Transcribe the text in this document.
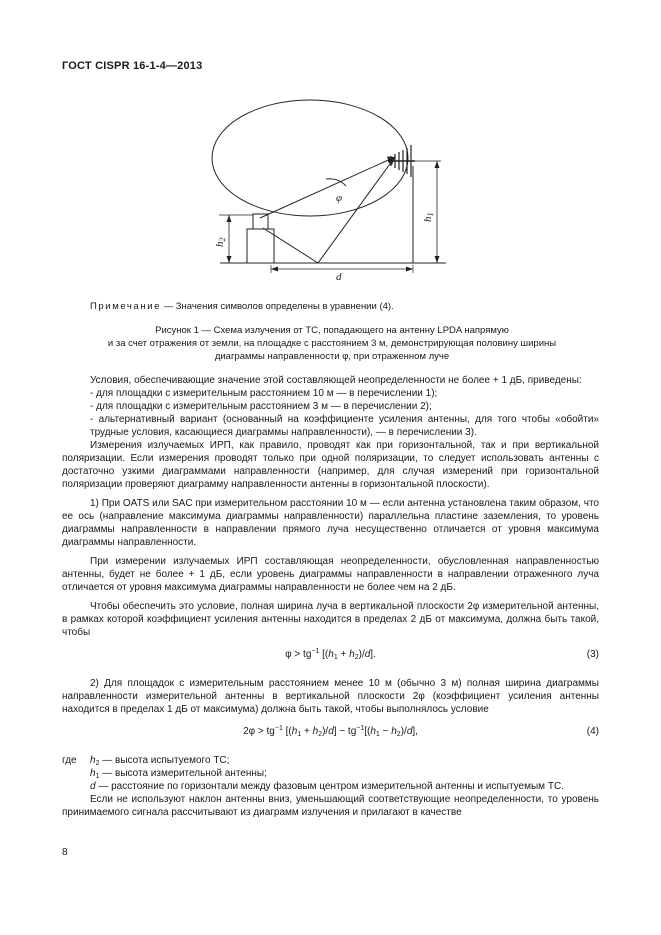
ГОСТ CISPR 16-1-4—2013
φ
h1
h2
d
Примечание — Значения символов определены в уравнении (4).
Рисунок 1 — Схема излучения от ТС, попадающего на антенну LPDA напрямую
и за счет отражения от земли, на площадке с расстоянием 3 м, демонстрирующая половину ширины
диаграммы направленности φ, при отраженном луче

Условия, обеспечивающие значение этой составляющей неопределенности не более + 1 дБ, приведены:

- для площадки с измерительным расстоянием 10 м — в перечислении 1);

- для площадки с измерительным расстоянием 3 м — в перечислении 2);

- альтернативный вариант (основанный на коэффициенте усиления антенны, для того чтобы «обойти» трудные условия, касающиеся диаграммы направленности), — в перечислении 3).

Измерения излучаемых ИРП, как правило, проводят как при горизонтальной, так и при вертикальной поляризации. Если измерения проводят только при одной поляризации, то следует использовать антенны с достаточно узкими диаграммами направленности (например, для случая измерений при горизонтальной поляризации проверяют диаграмму направленности антенны в горизонтальной плоскости).

1) При OATS или SAC при измерительном расстоянии 10 м — если антенна установлена таким образом, что ее ось (направление максимума диаграммы направленности) параллельна пластине заземления, то уровень диаграммы направленности в направлении прямого луча несущественно отличается от уровня максимума диаграммы направленности.

При измерении излучаемых ИРП составляющая неопределенности, обусловленная направленностью антенны, будет не более + 1 дБ, если уровень диаграммы направленности в направлении отраженного луча отличается от уровня максимума диаграммы направленности не более чем на 2 дБ.

Чтобы обеспечить это условие, полная ширина луча в вертикальной плоскости 2φ измерительной антенны, в рамках которой коэффициент усиления антенны находится в пределах 2 дБ от максимума, должна быть такой, чтобы

$\varphi > tg^{-1}$ $[(h_1 + h_2)/d]$.	(3)

2) Для площадок с измерительным расстоянием менее 10 м (обычно 3 м) полная ширина диаграммы направленности измерительной антенны в вертикальной плоскости 2φ (коэффициент усиления антенны находится в пределах 1 дБ от максимума) должна быть такой, чтобы выполнялось условие

$2\varphi > tg^{-1}$ $[(h_1 + h_2)/d] - tg^{-1}[(h_1 - h_2)/d]$,	(4)

где $h_2$ — высота испытуемого ТС;

$h_1$ — высота измерительной антенны;

d — расстояние по горизонтали между фазовым центром измерительной антенны и испытуемым ТС.

Если не используют наклон антенны вниз, уменьшающий соответствующие неопределенности, то уровень принимаемого сигнала рассчитывают из диаграмм излучения и прилагают в качестве

8
